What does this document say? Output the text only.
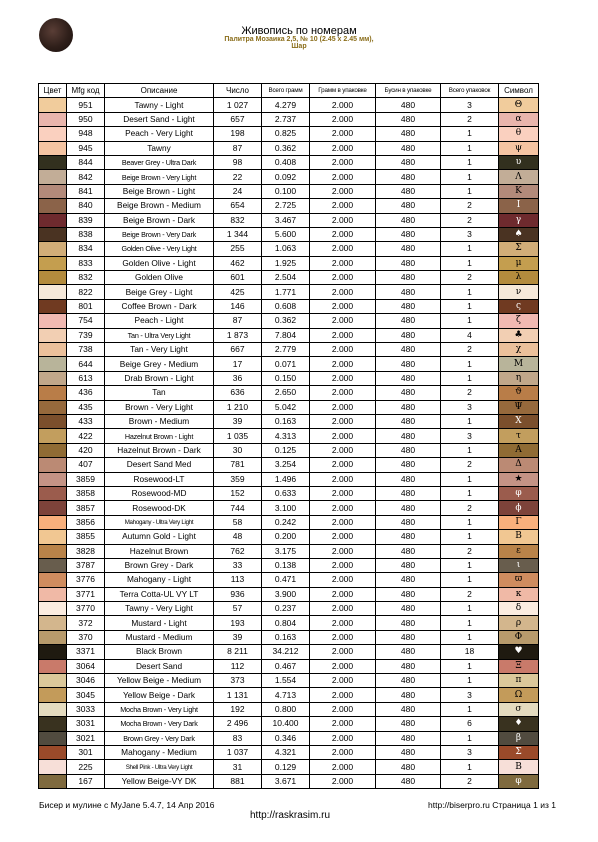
Живопись по номерам
Палитра Мозаика 2,5, № 10 (2.45 x 2.45 мм),
Шар
Цвет	Mfg код	Описание	Число	Всего грамм	Грамм в упаковке	Бусин в упаковке	Всего упаковок	Символ
	951	Tawny - Light	1 027	4.279	2.000	480	3	Θ
	950	Desert Sand - Light	657	2.737	2.000	480	2	α
	948	Peach - Very Light	198	0.825	2.000	480	1	θ
	945	Tawny	87	0.362	2.000	480	1	ψ
	844	Beaver Grey - Ultra Dark	98	0.408	2.000	480	1	υ
	842	Beige Brown - Very Light	22	0.092	2.000	480	1	Λ
	841	Beige Brown - Light	24	0.100	2.000	480	1	Κ
	840	Beige Brown - Medium	654	2.725	2.000	480	2	Ι
	839	Beige Brown - Dark	832	3.467	2.000	480	2	γ
	838	Beige Brown - Very Dark	1 344	5.600	2.000	480	3	♠
	834	Golden Olive - Very Light	255	1.063	2.000	480	1	Σ
	833	Golden Olive - Light	462	1.925	2.000	480	1	μ
	832	Golden Olive	601	2.504	2.000	480	2	λ
	822	Beige Grey - Light	425	1.771	2.000	480	1	ν
	801	Coffee Brown - Dark	146	0.608	2.000	480	1	ς
	754	Peach - Light	87	0.362	2.000	480	1	ζ
	739	Tan - Ultra Very Light	1 873	7.804	2.000	480	4	♣
	738	Tan - Very Light	667	2.779	2.000	480	2	χ
	644	Beige Grey - Medium	17	0.071	2.000	480	1	Μ
	613	Drab Brown - Light	36	0.150	2.000	480	1	η
	436	Tan	636	2.650	2.000	480	2	ϑ
	435	Brown - Very Light	1 210	5.042	2.000	480	3	Ψ
	433	Brown - Medium	39	0.163	2.000	480	1	Χ
	422	Hazelnut Brown - Light	1 035	4.313	2.000	480	3	τ
	420	Hazelnut Brown - Dark	30	0.125	2.000	480	1	Α
	407	Desert Sand Med	781	3.254	2.000	480	2	Δ
	3859	Rosewood-LT	359	1.496	2.000	480	1	★
	3858	Rosewood-MD	152	0.633	2.000	480	1	φ
	3857	Rosewood-DK	744	3.100	2.000	480	2	ϕ
	3856	Mahogany - Ultra Very Light	58	0.242	2.000	480	1	Γ
	3855	Autumn Gold - Light	48	0.200	2.000	480	1	Β
	3828	Hazelnut Brown	762	3.175	2.000	480	2	ε
	3787	Brown Grey - Dark	33	0.138	2.000	480	1	ι
	3776	Mahogany - Light	113	0.471	2.000	480	1	ϖ
	3771	Terra Cotta-UL VY LT	936	3.900	2.000	480	2	κ
	3770	Tawny - Very Light	57	0.237	2.000	480	1	δ
	372	Mustard - Light	193	0.804	2.000	480	1	ρ
	370	Mustard - Medium	39	0.163	2.000	480	1	Φ
	3371	Black Brown	8 211	34.212	2.000	480	18	♥
	3064	Desert Sand	112	0.467	2.000	480	1	Ξ
	3046	Yellow Beige - Medium	373	1.554	2.000	480	1	π
	3045	Yellow Beige - Dark	1 131	4.713	2.000	480	3	Ω
	3033	Mocha Brown - Very Light	192	0.800	2.000	480	1	σ
	3031	Mocha Brown - Very Dark	2 496	10.400	2.000	480	6	♦
	3021	Brown Grey - Very Dark	83	0.346	2.000	480	1	β
	301	Mahogany - Medium	1 037	4.321	2.000	480	3	Σ
	225	Shell Pink - Ultra Very Light	31	0.129	2.000	480	1	Β
	167	Yellow Beige-VY DK	881	3.671	2.000	480	2	φ
Бисер и мулине с MyJane 5.4.7, 14 Апр 2016
http://raskrasim.ru
http://biserpro.ru Страница 1 из 1
